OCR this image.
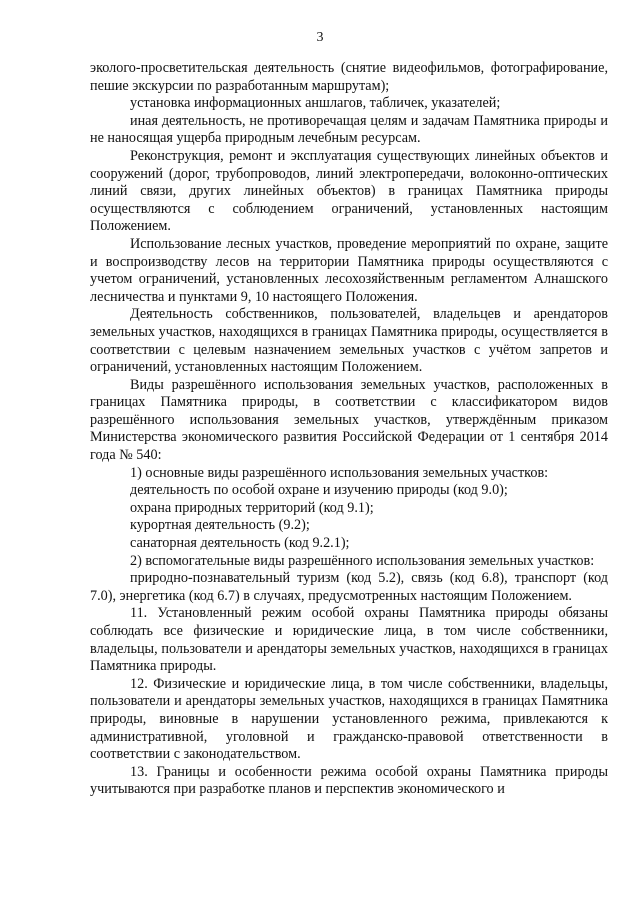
3

эколого-просветительская деятельность (снятие видеофильмов, фотографирование, пешие экскурсии по разработанным маршрутам);

установка информационных аншлагов, табличек, указателей;

иная деятельность, не противоречащая целям и задачам Памятника природы и не наносящая ущерба природным лечебным ресурсам.

Реконструкция, ремонт и эксплуатация существующих линейных объектов и сооружений (дорог, трубопроводов, линий электропередачи, волоконно-оптических линий связи, других линейных объектов) в границах Памятника природы осуществляются с соблюдением ограничений, установленных настоящим Положением.

Использование лесных участков, проведение мероприятий по охране, защите и воспроизводству лесов на территории Памятника природы осуществляются с учетом ограничений, установленных лесохозяйственным регламентом Алнашского лесничества и пунктами 9, 10 настоящего Положения.

Деятельность собственников, пользователей, владельцев и арендаторов земельных участков, находящихся в границах Памятника природы, осуществляется в соответствии с целевым назначением земельных участков с учётом запретов и ограничений, установленных настоящим Положением.

Виды разрешённого использования земельных участков, расположенных в границах Памятника природы, в соответствии с классификатором видов разрешённого использования земельных участков, утверждённым приказом Министерства экономического развития Российской Федерации от 1 сентября 2014 года № 540:

1) основные виды разрешённого использования земельных участков:

деятельность по особой охране и изучению природы (код 9.0);

охрана природных территорий (код 9.1);

курортная деятельность (9.2);

санаторная деятельность (код 9.2.1);

2) вспомогательные виды разрешённого использования земельных участков:

природно-познавательный туризм (код 5.2), связь (код 6.8), транспорт (код 7.0), энергетика (код 6.7) в случаях, предусмотренных настоящим Положением.

11. Установленный режим особой охраны Памятника природы обязаны соблюдать все физические и юридические лица, в том числе собственники, владельцы, пользователи и арендаторы земельных участков, находящихся в границах Памятника природы.

12. Физические и юридические лица, в том числе собственники, владельцы, пользователи и арендаторы земельных участков, находящихся в границах Памятника природы, виновные в нарушении установленного режима, привлекаются к административной, уголовной и гражданско-правовой ответственности в соответствии с законодательством.

13. Границы и особенности режима особой охраны Памятника природы учитываются при разработке планов и перспектив экономического и
